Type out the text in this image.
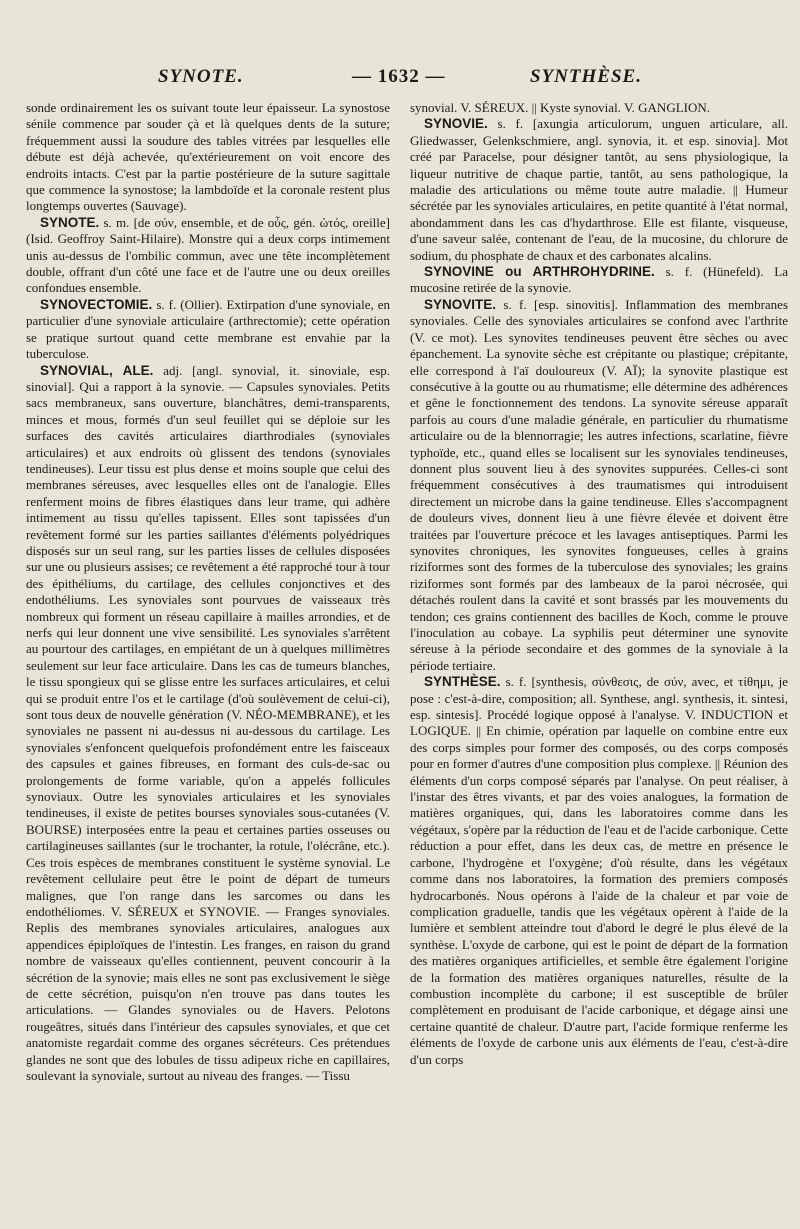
SYNOTE.	— 1632 —	SYNTHÈSE.

sonde ordinairement les os suivant toute leur épaisseur. La synostose sénile commence par souder çà et là quelques dents de la suture; fréquemment aussi la soudure des tables vitrées par lesquelles elle débute est déjà achevée, qu'extérieurement on voit encore des endroits intacts. C'est par la partie postérieure de la suture sagittale que commence la synostose; la lambdoïde et la coronale restent plus longtemps ouvertes (Sauvage).

SYNOTE. s. m. [de σύν, ensemble, et de οὖς, gén. ὠτός, oreille] (Isid. Geoffroy Saint-Hilaire). Monstre qui a deux corps intimement unis au-dessus de l'ombilic commun, avec une tête incomplètement double, offrant d'un côté une face et de l'autre une ou deux oreilles confondues ensemble.

SYNOVECTOMIE. s. f. (Ollier). Extirpation d'une synoviale, en particulier d'une synoviale articulaire (arthrectomie); cette opération se pratique surtout quand cette membrane est envahie par la tuberculose.

SYNOVIAL, ALE. adj. [angl. synovial, it. sinoviale, esp. sinovial]. Qui a rapport à la synovie. — Capsules synoviales. Petits sacs membraneux, sans ouverture, blanchâtres, demi-transparents, minces et mous, formés d'un seul feuillet qui se déploie sur les surfaces des cavités articulaires diarthrodiales (synoviales articulaires) et aux endroits où glissent des tendons (synoviales tendineuses). Leur tissu est plus dense et moins souple que celui des membranes séreuses, avec lesquelles elles ont de l'analogie. Elles renferment moins de fibres élastiques dans leur trame, qui adhère intimement au tissu qu'elles tapissent. Elles sont tapissées d'un revêtement formé sur les parties saillantes d'éléments polyédriques disposés sur un seul rang, sur les parties lisses de cellules disposées sur une ou plusieurs assises; ce revêtement a été rapproché tour à tour des épithéliums, du cartilage, des cellules conjonctives et des endothéliums. Les synoviales sont pourvues de vaisseaux très nombreux qui forment un réseau capillaire à mailles arrondies, et de nerfs qui leur donnent une vive sensibilité. Les synoviales s'arrêtent au pourtour des cartilages, en empiétant de un à quelques millimètres seulement sur leur face articulaire. Dans les cas de tumeurs blanches, le tissu spongieux qui se glisse entre les surfaces articulaires, et celui qui se produit entre l'os et le cartilage (d'où soulèvement de celui-ci), sont tous deux de nouvelle génération (V. NÉO-MEMBRANE), et les synoviales ne passent ni au-dessus ni au-dessous du cartilage. Les synoviales s'enfoncent quelquefois profondément entre les faisceaux des capsules et gaines fibreuses, en formant des culs-de-sac ou prolongements de forme variable, qu'on a appelés follicules synoviaux. Outre les synoviales articulaires et les synoviales tendineuses, il existe de petites bourses synoviales sous-cutanées (V. BOURSE) interposées entre la peau et certaines parties osseuses ou cartilagineuses saillantes (sur le trochanter, la rotule, l'olécrâne, etc.). Ces trois espèces de membranes constituent le système synovial. Le revêtement cellulaire peut être le point de départ de tumeurs malignes, que l'on range dans les sarcomes ou dans les endothéliomes. V. SÉREUX et SYNOVIE. — Franges synoviales. Replis des membranes synoviales articulaires, analogues aux appendices épiploïques de l'intestin. Les franges, en raison du grand nombre de vaisseaux qu'elles contiennent, peuvent concourir à la sécrétion de la synovie; mais elles ne sont pas exclusivement le siège de cette sécrétion, puisqu'on n'en trouve pas dans toutes les articulations. — Glandes synoviales ou de Havers. Pelotons rougeâtres, situés dans l'intérieur des capsules synoviales, et que cet anatomiste regardait comme des organes sécréteurs. Ces prétendues glandes ne sont que des lobules de tissu adipeux riche en capillaires, soulevant la synoviale, surtout au niveau des franges. — Tissu

synovial. V. SÉREUX. || Kyste synovial. V. GANGLION.

SYNOVIE. s. f. [axungia articulorum, unguen articulare, all. Gliedwasser, Gelenkschmiere, angl. synovia, it. et esp. sinovia]. Mot créé par Paracelse, pour désigner tantôt, au sens physiologique, la liqueur nutritive de chaque partie, tantôt, au sens pathologique, la maladie des articulations ou même toute autre maladie. || Humeur sécrétée par les synoviales articulaires, en petite quantité à l'état normal, abondamment dans les cas d'hydarthrose. Elle est filante, visqueuse, d'une saveur salée, contenant de l'eau, de la mucosine, du chlorure de sodium, du phosphate de chaux et des carbonates alcalins.

SYNOVINE ou ARTHROHYDRINE. s. f. (Hünefeld). La mucosine retirée de la synovie.

SYNOVITE. s. f. [esp. sinovitis]. Inflammation des membranes synoviales. Celle des synoviales articulaires se confond avec l'arthrite (V. ce mot). Les synovites tendineuses peuvent être sèches ou avec épanchement. La synovite sèche est crépitante ou plastique; crépitante, elle correspond à l'aï douloureux (V. AÏ); la synovite plastique est consécutive à la goutte ou au rhumatisme; elle détermine des adhérences et gêne le fonctionnement des tendons. La synovite séreuse apparaît parfois au cours d'une maladie générale, en particulier du rhumatisme articulaire ou de la blennorragie; les autres infections, scarlatine, fièvre typhoïde, etc., quand elles se localisent sur les synoviales tendineuses, donnent plus souvent lieu à des synovites suppurées. Celles-ci sont fréquemment consécutives à des traumatismes qui introduisent directement un microbe dans la gaine tendineuse. Elles s'accompagnent de douleurs vives, donnent lieu à une fièvre élevée et doivent être traitées par l'ouverture précoce et les lavages antiseptiques. Parmi les synovites chroniques, les synovites fongueuses, celles à grains riziformes sont des formes de la tuberculose des synoviales; les grains riziformes sont formés par des lambeaux de la paroi nécrosée, qui détachés roulent dans la cavité et sont brassés par les mouvements du tendon; ces grains contiennent des bacilles de Koch, comme le prouve l'inoculation au cobaye. La syphilis peut déterminer une synovite séreuse à la période secondaire et des gommes de la synoviale à la période tertiaire.

SYNTHÈSE. s. f. [synthesis, σύνθεσις, de σύν, avec, et τίθημι, je pose : c'est-à-dire, composition; all. Synthese, angl. synthesis, it. sintesi, esp. sintesis]. Procédé logique opposé à l'analyse. V. INDUCTION et LOGIQUE. || En chimie, opération par laquelle on combine entre eux des corps simples pour former des composés, ou des corps composés pour en former d'autres d'une composition plus complexe. || Réunion des éléments d'un corps composé séparés par l'analyse. On peut réaliser, à l'instar des êtres vivants, et par des voies analogues, la formation de matières organiques, qui, dans les laboratoires comme dans les végétaux, s'opère par la réduction de l'eau et de l'acide carbonique. Cette réduction a pour effet, dans les deux cas, de mettre en présence le carbone, l'hydrogène et l'oxygène; d'où résulte, dans les végétaux comme dans nos laboratoires, la formation des premiers composés hydrocarbonés. Nous opérons à l'aide de la chaleur et par voie de complication graduelle, tandis que les végétaux opèrent à l'aide de la lumière et semblent atteindre tout d'abord le degré le plus élevé de la synthèse. L'oxyde de carbone, qui est le point de départ de la formation des matières organiques artificielles, et semble être également l'origine de la formation des matières organiques naturelles, résulte de la combustion incomplète du carbone; il est susceptible de brûler complètement en produisant de l'acide carbonique, et dégage ainsi une certaine quantité de chaleur. D'autre part, l'acide formique renferme les éléments de l'oxyde de carbone unis aux éléments de l'eau, c'est-à-dire d'un corps
